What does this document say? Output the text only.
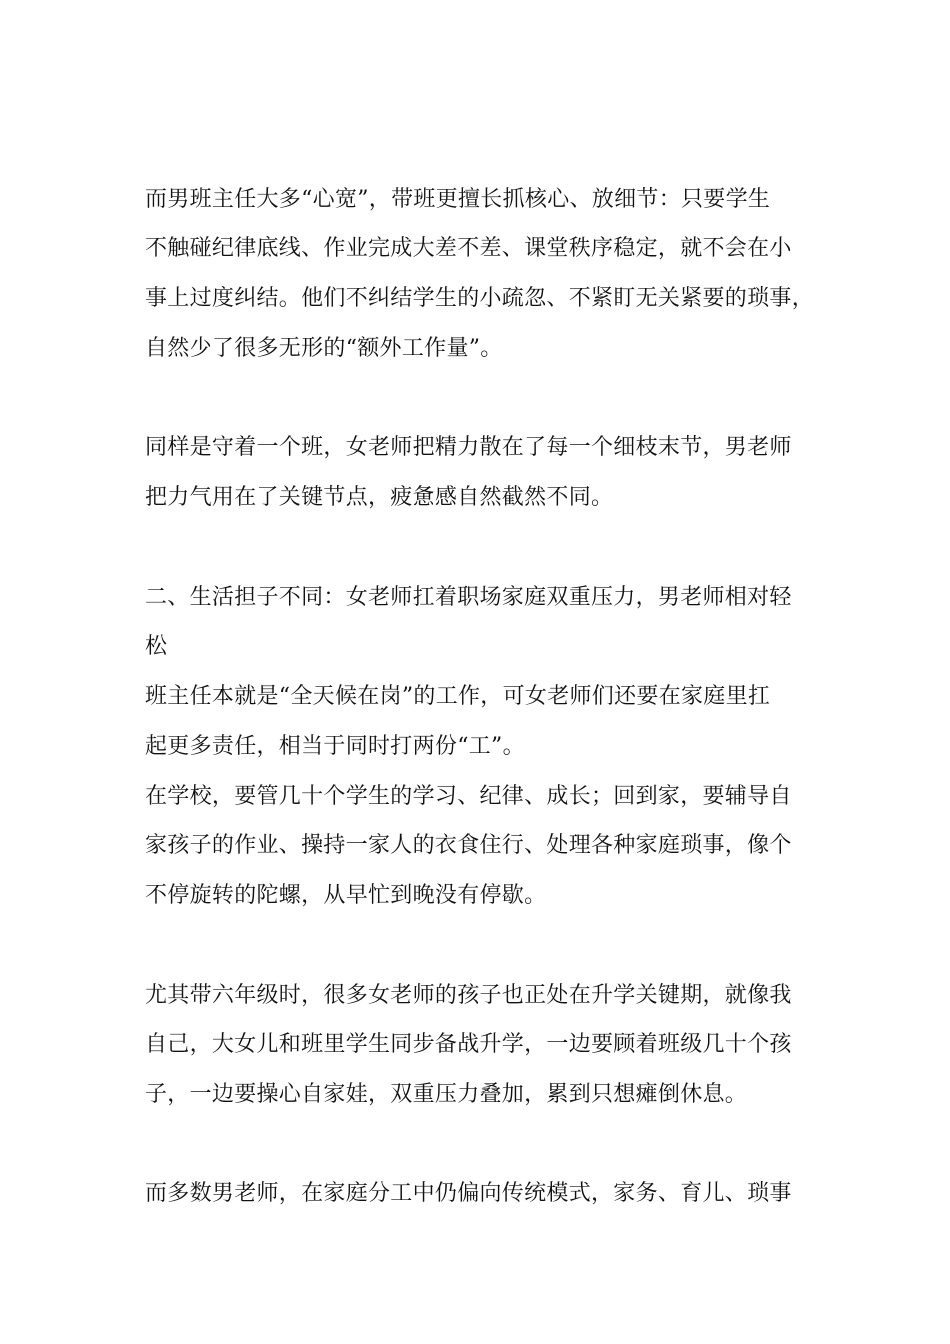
而男班主任大多“心宽”，带班更擅长抓核心、放细节：只要学生
不触碰纪律底线、作业完成大差不差、课堂秩序稳定，就不会在小
事上过度纠结。他们不纠结学生的小疏忽、不紧盯无关紧要的琐事，
自然少了很多无形的“额外工作量”。
同样是守着一个班，女老师把精力散在了每一个细枝末节，男老师
把力气用在了关键节点，疲惫感自然截然不同。
二、生活担子不同：女老师扛着职场家庭双重压力，男老师相对轻
松
班主任本就是“全天候在岗”的工作，可女老师们还要在家庭里扛
起更多责任，相当于同时打两份“工”。
在学校，要管几十个学生的学习、纪律、成长；回到家，要辅导自
家孩子的作业、操持一家人的衣食住行、处理各种家庭琐事，像个
不停旋转的陀螺，从早忙到晚没有停歇。
尤其带六年级时，很多女老师的孩子也正处在升学关键期，就像我
自己，大女儿和班里学生同步备战升学，一边要顾着班级几十个孩
子，一边要操心自家娃，双重压力叠加，累到只想瘫倒休息。
而多数男老师，在家庭分工中仍偏向传统模式，家务、育儿、琐事
